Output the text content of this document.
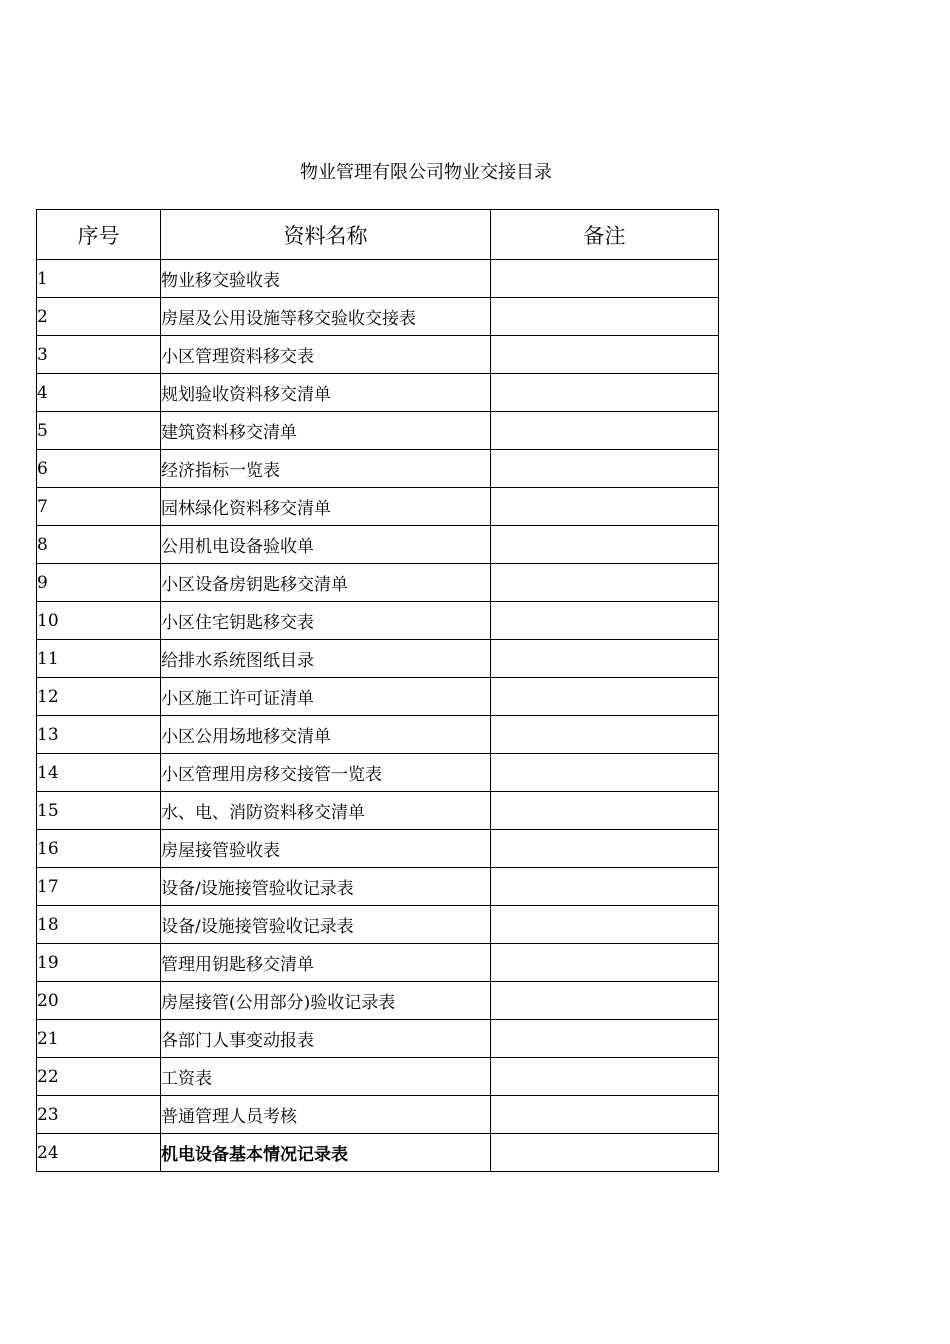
物业管理有限公司物业交接目录
序号	资料名称	备注
1	物业移交验收表	
2	房屋及公用设施等移交验收交接表	
3	小区管理资料移交表	
4	规划验收资料移交清单	
5	建筑资料移交清单	
6	经济指标一览表	
7	园林绿化资料移交清单	
8	公用机电设备验收单	
9	小区设备房钥匙移交清单	
10	小区住宅钥匙移交表	
11	给排水系统图纸目录	
12	小区施工许可证清单	
13	小区公用场地移交清单	
14	小区管理用房移交接管一览表	
15	水、电、消防资料移交清单	
16	房屋接管验收表	
17	设备/设施接管验收记录表	
18	设备/设施接管验收记录表	
19	管理用钥匙移交清单	
20	房屋接管(公用部分)验收记录表	
21	各部门人事变动报表	
22	工资表	
23	普通管理人员考核	
24	机电设备基本情况记录表	
